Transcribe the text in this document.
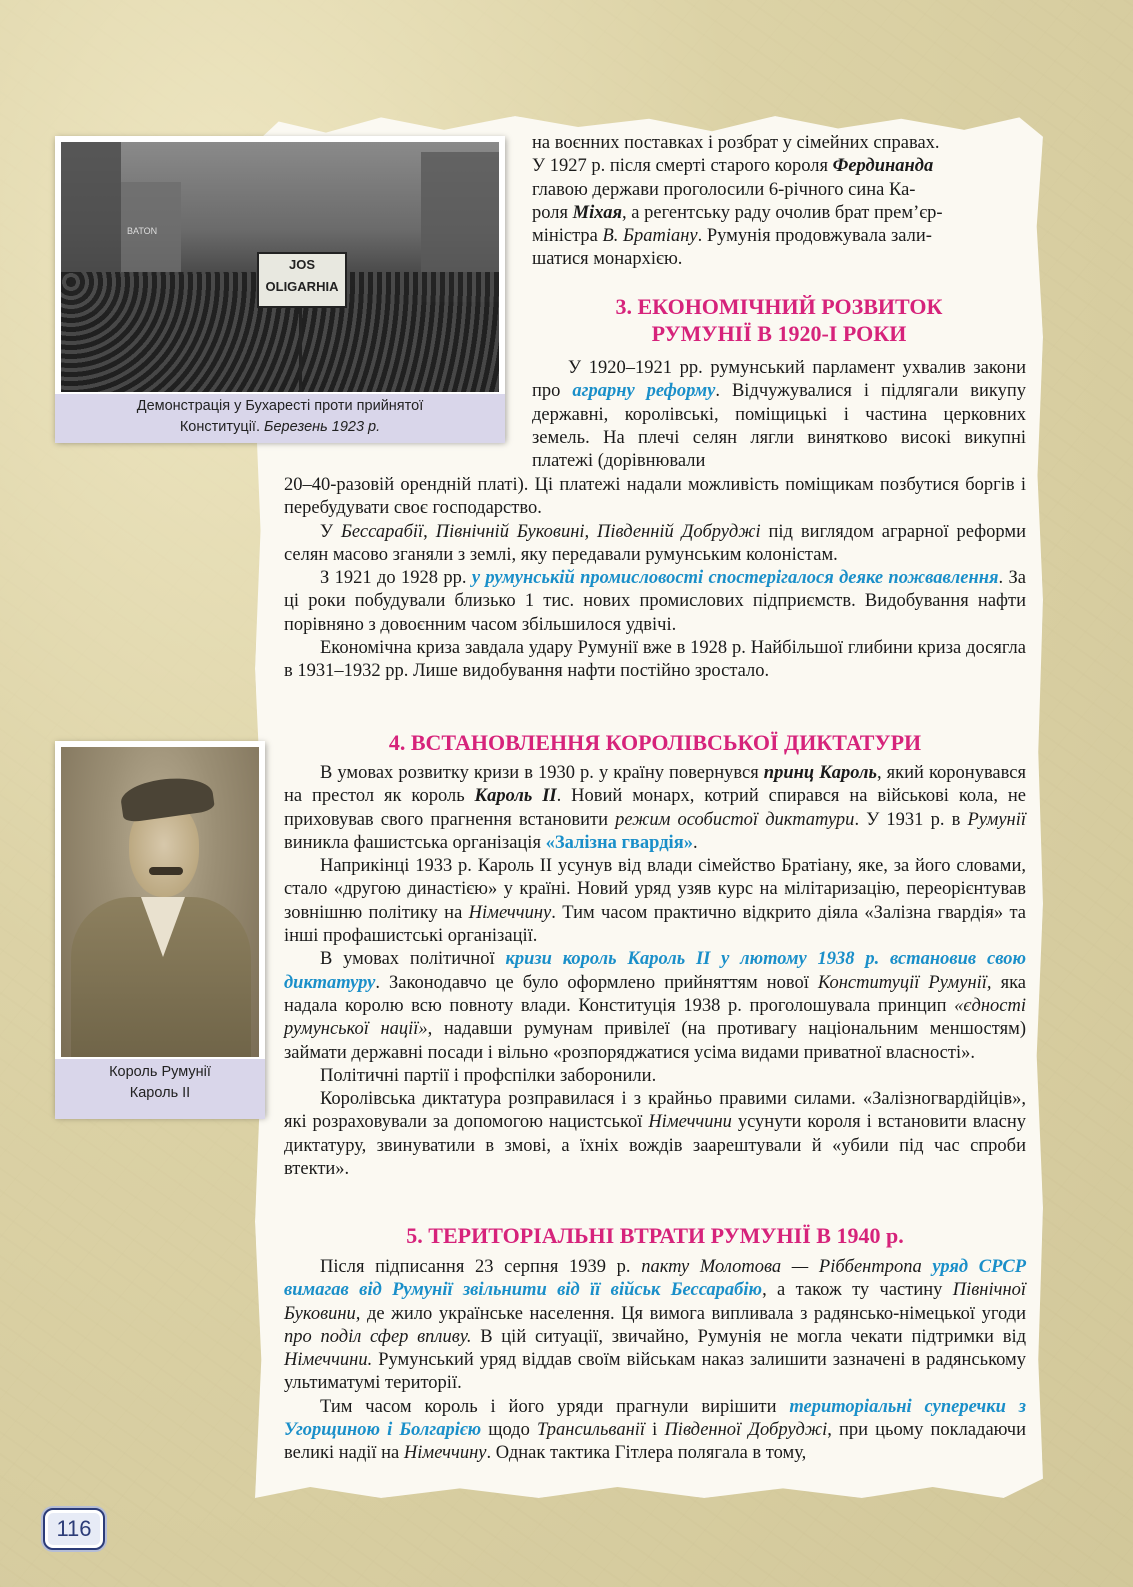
BATON
JOS
OLIGARHIA
Демонстрація у Бухаресті проти прийнятої
Конституції. Березень 1923 р.
Король Румунії
Кароль ІІ

на воєнних поставках і розбрат у сімейних справах.
У 1927 р. після смерті старого короля Фердинанда
главою держави проголосили 6-річного сина Ка-
роля Міхая, а регентську раду очолив брат прем’єр-
міністра В. Братіану. Румунія продовжувала зали-
шатися монархією.

3. ЕКОНОМІЧНИЙ РОЗВИТОК
РУМУНІЇ В 1920-І РОКИ

У 1920–1921 рр. румунський парламент ухвалив закони про аграрну реформу. Відчужувалися і підлягали викупу державні, королівські, поміщицькі і частина церковних земель. На плечі селян лягли винятково високі викупні платежі (дорівнювали

20–40-разовій орендній платі). Ці платежі надали можливість поміщикам позбутися боргів і перебудувати своє господарство.

У Бессарабії, Північній Буковині, Південній Добруджі під виглядом аграрної реформи селян масово зганяли з землі, яку передавали румунським колоністам.

З 1921 до 1928 рр. у румунській промисловості спостерігалося деяке пожвавлення. За ці роки побудували близько 1 тис. нових промислових підприємств. Видобування нафти порівняно з довоєнним часом збільшилося удвічі.

Економічна криза завдала удару Румунії вже в 1928 р. Найбільшої глибини криза досягла в 1931–1932 рр. Лише видобування нафти постійно зростало.

4. ВСТАНОВЛЕННЯ КОРОЛІВСЬКОЇ ДИКТАТУРИ

В умовах розвитку кризи в 1930 р. у країну повернувся принц Кароль, який коронувався на престол як король Кароль ІІ. Новий монарх, котрий спирався на військові кола, не приховував свого прагнення встановити режим особистої диктатури. У 1931 р. в Румунії виникла фашистська організація «Залізна гвардія».

Наприкінці 1933 р. Кароль ІІ усунув від влади сімейство Братіану, яке, за його словами, стало «другою династією» у країні. Новий уряд узяв курс на мілітаризацію, переорієнтував зовнішню політику на Німеччину. Тим часом практично відкрито діяла «Залізна гвардія» та інші профашистські організації.

В умовах політичної кризи король Кароль ІІ у лютому 1938 р. встановив свою диктатуру. Законодавчо це було оформлено прийняттям нової Конституції Румунії, яка надала королю всю повноту влади. Конституція 1938 р. проголошувала принцип «єдності румунської нації», надавши румунам привілеї (на противагу національним меншостям) займати державні посади і вільно «розпоряджатися усіма видами приватної власності».

Політичні партії і профспілки заборонили.

Королівська диктатура розправилася і з крайньо правими силами. «Залізногвардійців», які розраховували за допомогою нацистської Німеччини усунути короля і встановити власну диктатуру, звинуватили в змові, а їхніх вождів заарештували й «убили під час спроби втекти».

5. ТЕРИТОРІАЛЬНІ ВТРАТИ РУМУНІЇ В 1940 р.

Після підписання 23 серпня 1939 р. пакту Молотова — Ріббентропа уряд СРСР вимагав від Румунії звільнити від її військ Бессарабію, а також ту частину Північної Буковини, де жило українське населення. Ця вимога випливала з радянсько-німецької угоди про поділ сфер впливу. В цій ситуації, звичайно, Румунія не могла чекати підтримки від Німеччини. Румунський уряд віддав своїм військам наказ залишити зазначені в радянському ультиматумі території.

Тим часом король і його уряди прагнули вирішити територіальні суперечки з Угорщиною і Болгарією щодо Трансильванії і Південної Добруджі, при цьому покладаючи великі надії на Німеччину. Однак тактика Гітлера полягала в тому,

116
